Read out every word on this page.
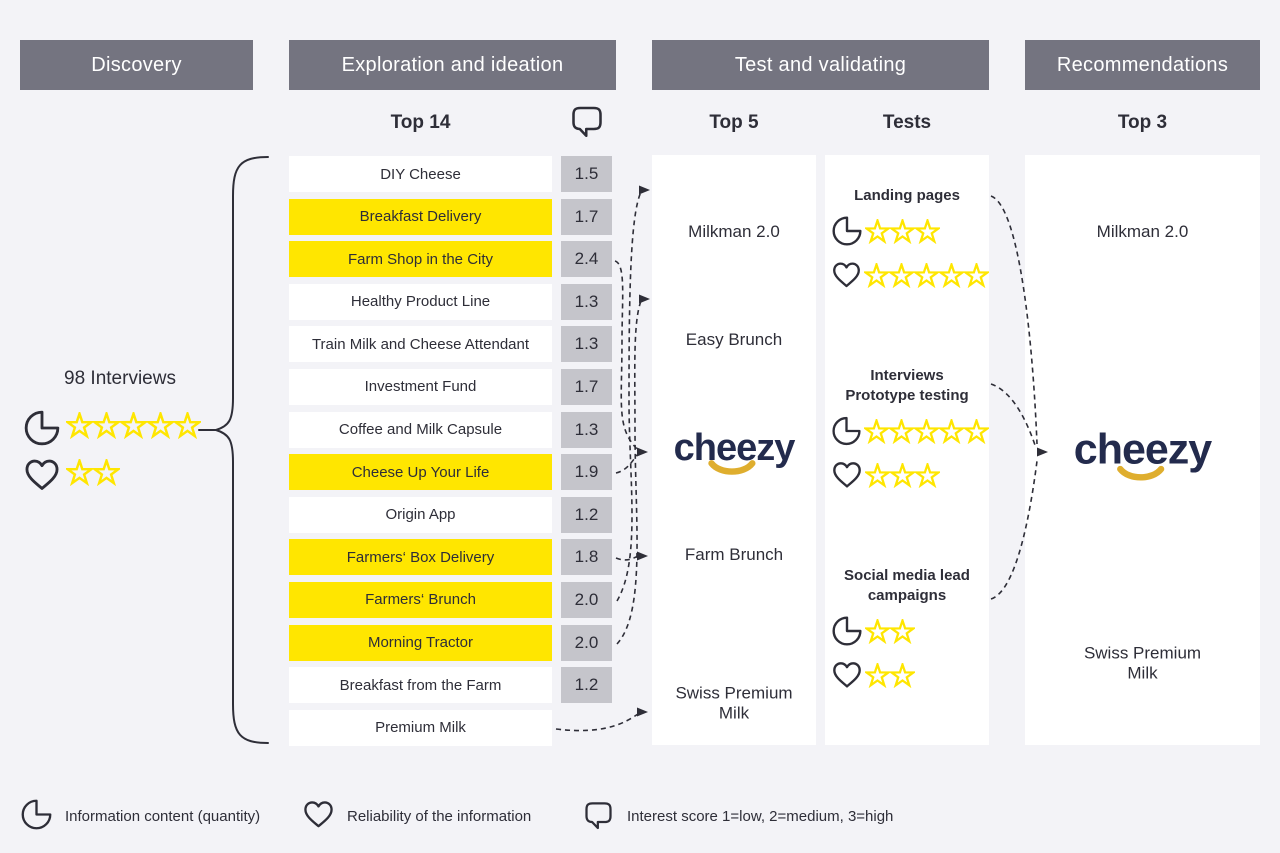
Discovery	Exploration and ideation	Test and validating	Recommendations
Top 14	Top 5	Tests	Top 3
98 Interviews
DIY Cheese	1.5
Breakfast Delivery	1.7
Farm Shop in the City	2.4
Healthy Product Line	1.3
Train Milk and Cheese Attendant	1.3
Investment Fund	1.7
Coffee and Milk Capsule	1.3
Cheese Up Your Life	1.9
Origin App	1.2
Farmers‘ Box Delivery	1.8
Farmers‘ Brunch	2.0
Morning Tractor	2.0
Breakfast from the Farm	1.2
Premium Milk
Milkman 2.0
Easy Brunch
cheezy
Farm Brunch
Swiss Premium Milk
Landing pages
Interviews
Prototype testing
Social media lead
campaigns
Milkman 2.0
cheezy
Swiss Premium Milk
Information content (quantity)	Reliability of the information	Interest score 1=low, 2=medium, 3=high
